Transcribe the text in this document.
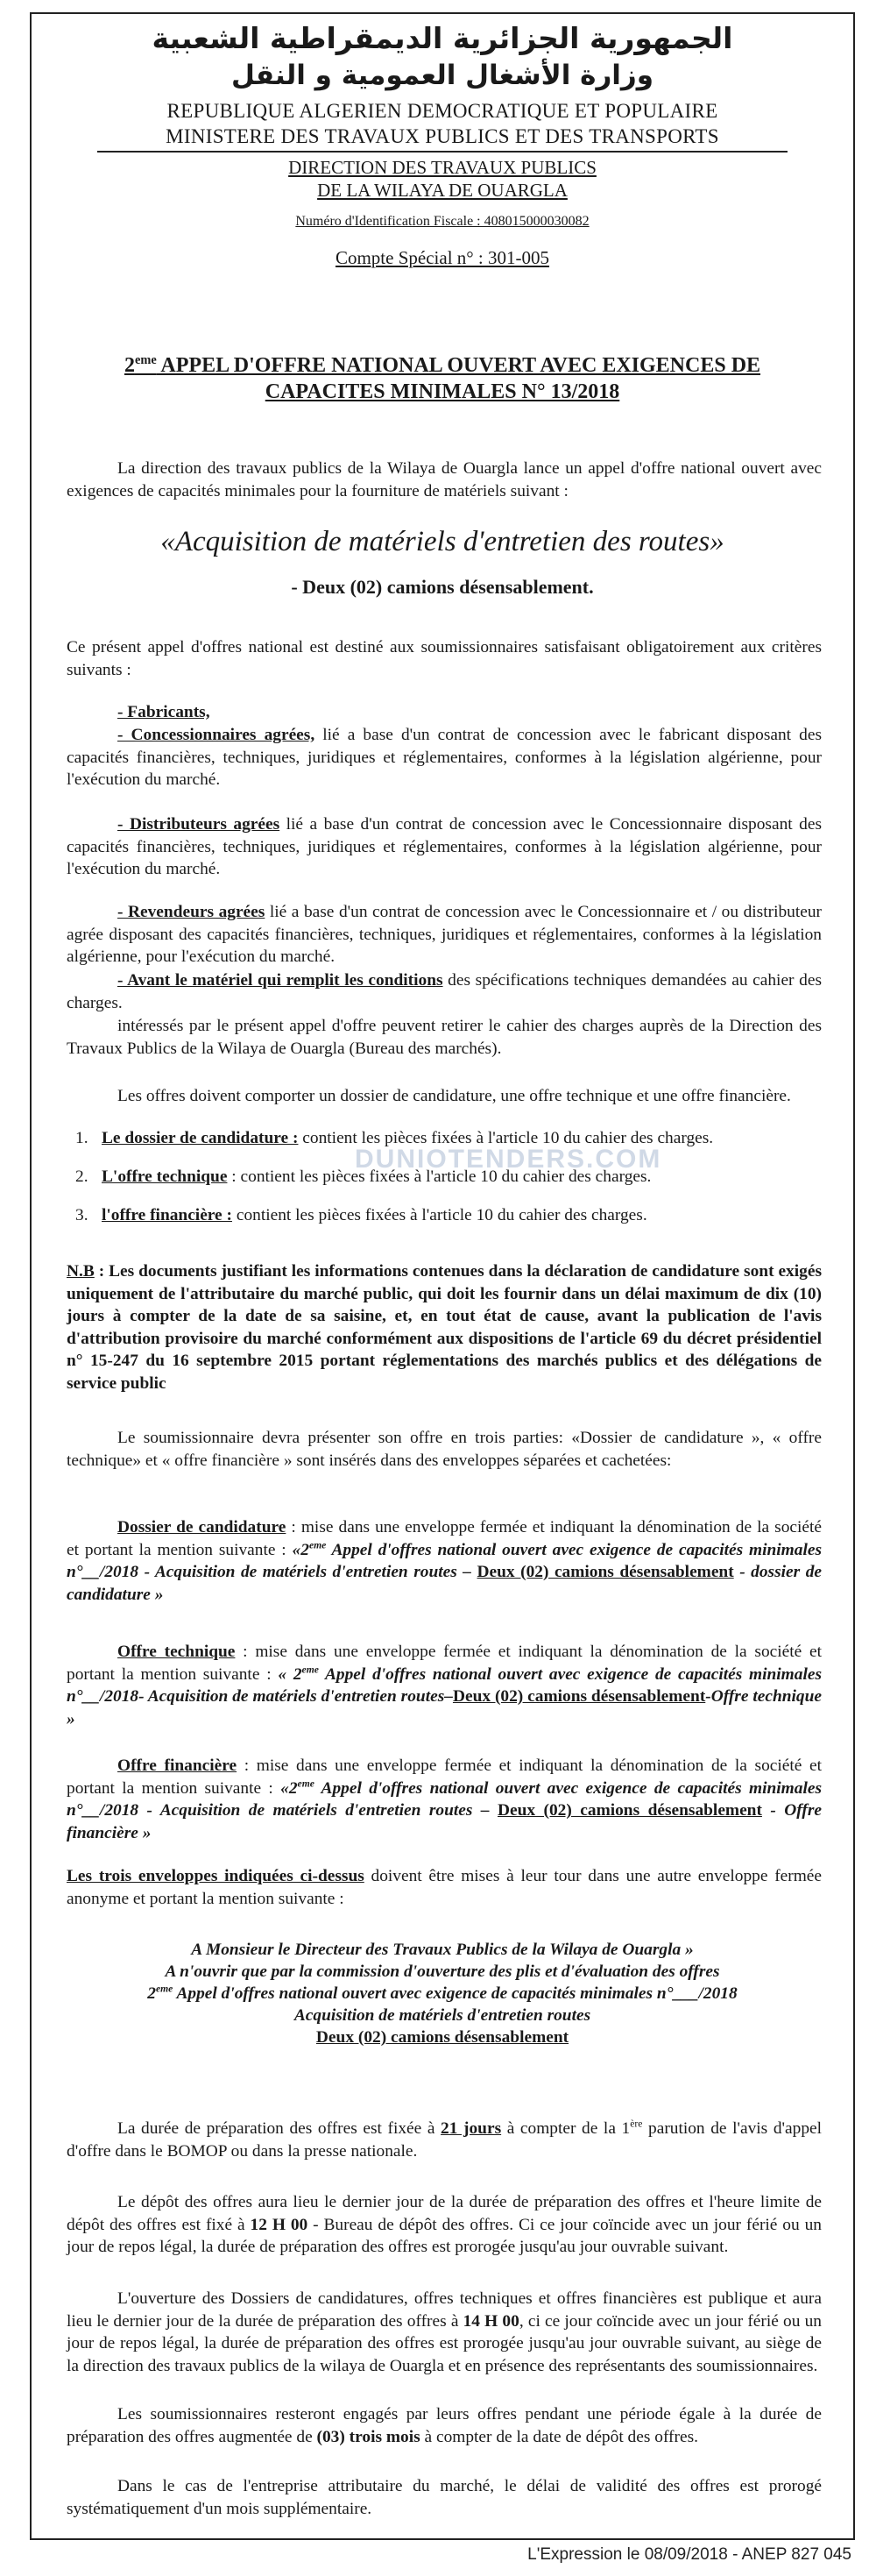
الجمهورية الجزائرية الديمقراطية الشعبية

وزارة الأشغال العمومية و النقل

REPUBLIQUE ALGERIEN DEMOCRATIQUE ET POPULAIRE

MINISTERE DES TRAVAUX PUBLICS ET DES TRANSPORTS

DIRECTION DES TRAVAUX PUBLICS

DE LA WILAYA DE OUARGLA

Numéro d'Identification Fiscale : 408015000030082

Compte Spécial n° : 301-005

2eme APPEL D'OFFRE NATIONAL OUVERT AVEC EXIGENCES DE

CAPACITES MINIMALES N° 13/2018

La direction des travaux publics de la Wilaya de Ouargla lance un appel d'offre national ouvert avec exigences de capacités minimales pour la fourniture de matériels suivant :

«Acquisition de matériels d'entretien des routes»

- Deux (02) camions désensablement.

Ce présent appel d'offres national est destiné aux soumissionnaires satisfaisant obligatoirement aux critères suivants :

- Fabricants,

- Concessionnaires agrées, lié a base d'un contrat de concession avec le fabricant disposant des capacités financières, techniques, juridiques et réglementaires, conformes à la législation algérienne, pour l'exécution du marché.

- Distributeurs agrées lié a base d'un contrat de concession avec le Concessionnaire disposant des capacités financières, techniques, juridiques et réglementaires, conformes à la législation algérienne, pour l'exécution du marché.

- Revendeurs agrées lié a base d'un contrat de concession avec le Concessionnaire et / ou distributeur agrée disposant des capacités financières, techniques, juridiques et réglementaires, conformes à la législation algérienne, pour l'exécution du marché.

- Avant le matériel qui remplit les conditions des spécifications techniques demandées au cahier des charges.

intéressés par le présent appel d'offre peuvent retirer le cahier des charges auprès de la Direction des Travaux Publics de la Wilaya de Ouargla (Bureau des marchés).

Les offres doivent comporter un dossier de candidature, une offre technique et une offre financière.

1. Le dossier de candidature : contient les pièces fixées à l'article 10 du cahier des charges.
2. L'offre technique : contient les pièces fixées à l'article 10 du cahier des charges.
3. l'offre financière : contient les pièces fixées à l'article 10 du cahier des charges.

N.B : Les documents justifiant les informations contenues dans la déclaration de candidature sont exigés uniquement de l'attributaire du marché public, qui doit les fournir dans un délai maximum de dix (10) jours à compter de la date de sa saisine, et, en tout état de cause, avant la publication de l'avis d'attribution provisoire du marché conformément aux dispositions de l'article 69 du décret présidentiel n° 15-247 du 16 septembre 2015 portant réglementations des marchés publics et des délégations de service public

Le soumissionnaire devra présenter son offre en trois parties: «Dossier de candidature », « offre technique» et « offre financière » sont insérés dans des enveloppes séparées et cachetées:

Dossier de candidature : mise dans une enveloppe fermée et indiquant la dénomination de la société et portant la mention suivante : «2eme Appel d'offres national ouvert avec exigence de capacités minimales n°__/2018 - Acquisition de matériels d'entretien routes – Deux (02) camions désensablement - dossier de candidature »

Offre technique : mise dans une enveloppe fermée et indiquant la dénomination de la société et portant la mention suivante : « 2eme Appel d'offres national ouvert avec exigence de capacités minimales n°__/2018- Acquisition de matériels d'entretien routes–Deux (02) camions désensablement-Offre technique »

Offre financière : mise dans une enveloppe fermée et indiquant la dénomination de la société et portant la mention suivante : «2eme Appel d'offres national ouvert avec exigence de capacités minimales n°__/2018 - Acquisition de matériels d'entretien routes – Deux (02) camions désensablement - Offre financière »

Les trois enveloppes indiquées ci-dessus doivent être mises à leur tour dans une autre enveloppe fermée anonyme et portant la mention suivante :

A Monsieur le Directeur des Travaux Publics de la Wilaya de Ouargla »
A n'ouvrir que par la commission d'ouverture des plis et d'évaluation des offres
2eme Appel d'offres national ouvert avec exigence de capacités minimales n°___/2018
Acquisition de matériels d'entretien routes
Deux (02) camions désensablement

La durée de préparation des offres est fixée à 21 jours à compter de la 1ère parution de l'avis d'appel d'offre dans le BOMOP ou dans la presse nationale.

Le dépôt des offres aura lieu le dernier jour de la durée de préparation des offres et l'heure limite de dépôt des offres est fixé à 12 H 00 - Bureau de dépôt des offres. Ci ce jour coïncide avec un jour férié ou un jour de repos légal, la durée de préparation des offres est prorogée jusqu'au jour ouvrable suivant.

L'ouverture des Dossiers de candidatures, offres techniques et offres financières est publique et aura lieu le dernier jour de la durée de préparation des offres à 14 H 00, ci ce jour coïncide avec un jour férié ou un jour de repos légal, la durée de préparation des offres est prorogée jusqu'au jour ouvrable suivant, au siège de la direction des travaux publics de la wilaya de Ouargla et en présence des représentants des soumissionnaires.

Les soumissionnaires resteront engagés par leurs offres pendant une période égale à la durée de préparation des offres augmentée de (03) trois mois à compter de la date de dépôt des offres.

Dans le cas de l'entreprise attributaire du marché, le délai de validité des offres est prorogé systématiquement d'un mois supplémentaire.

DUNIOTENDERS.COM
L'Expression le 08/09/2018 - ANEP 827 045
